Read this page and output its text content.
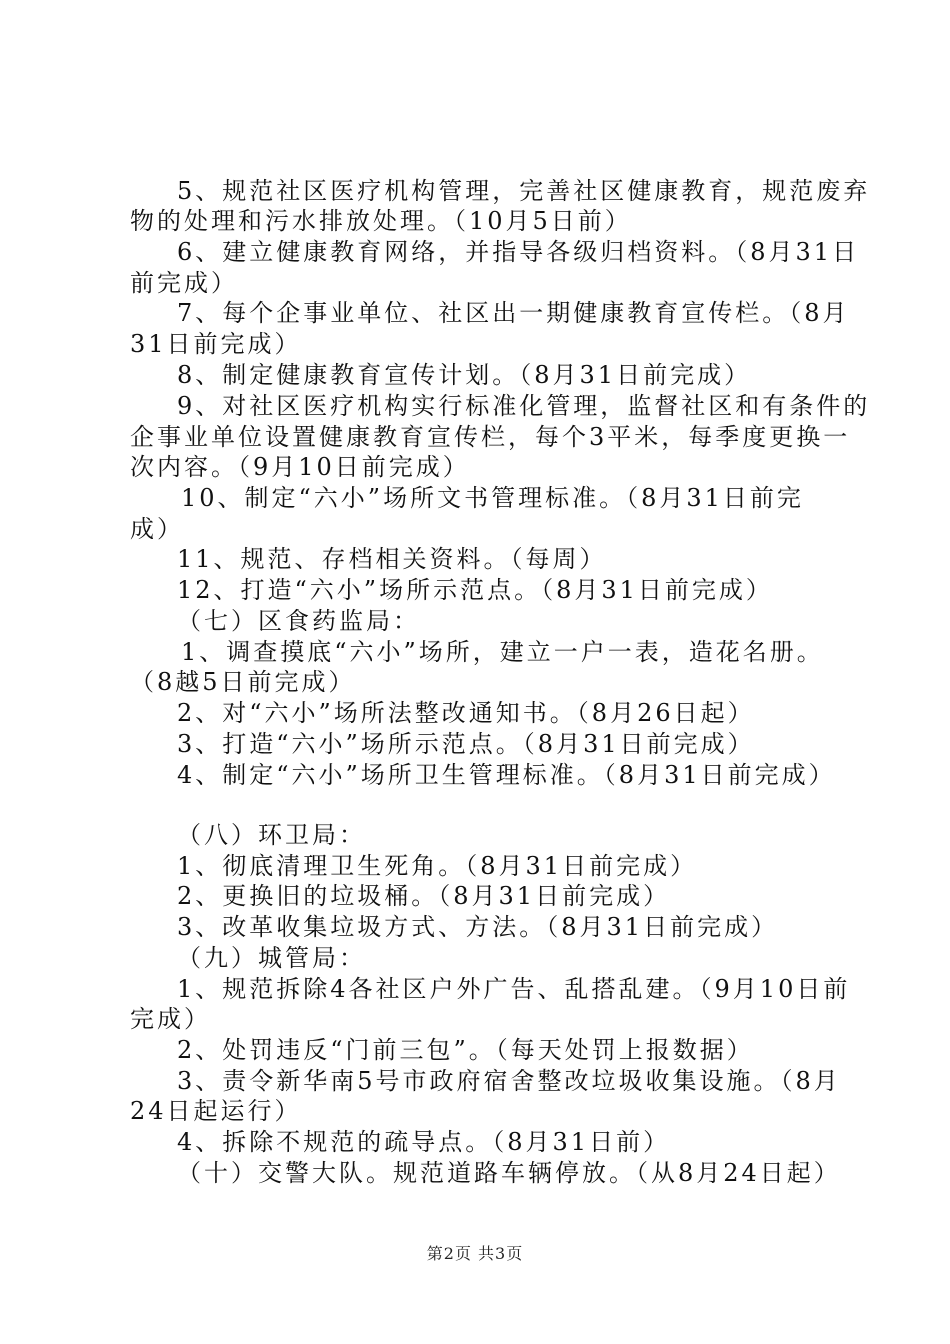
5、规范社区医疗机构管理，完善社区健康教育，规范废弃
物的处理和污水排放处理。（10月5日前）
6、建立健康教育网络，并指导各级归档资料。（8月31日
前完成）
7、每个企事业单位、社区出一期健康教育宣传栏。（8月
31日前完成）
8、制定健康教育宣传计划。（8月31日前完成）
9、对社区医疗机构实行标准化管理，监督社区和有条件的
企事业单位设置健康教育宣传栏，每个3平米，每季度更换一
次内容。（9月10日前完成）
10、制定“六小”场所文书管理标准。（8月31日前完
成）
11、规范、存档相关资料。（每周）
12、打造“六小”场所示范点。（8月31日前完成）
（七）区食药监局：
1、调查摸底“六小”场所，建立一户一表，造花名册。
（8越5日前完成）
2、对“六小”场所法整改通知书。（8月26日起）
3、打造“六小”场所示范点。（8月31日前完成）
4、制定“六小”场所卫生管理标准。（8月31日前完成）
（八）环卫局：
1、彻底清理卫生死角。（8月31日前完成）
2、更换旧的垃圾桶。（8月31日前完成）
3、改革收集垃圾方式、方法。（8月31日前完成）
（九）城管局：
1、规范拆除4各社区户外广告、乱搭乱建。（9月10日前
完成）
2、处罚违反“门前三包”。（每天处罚上报数据）
3、责令新华南5号市政府宿舍整改垃圾收集设施。（8月
24日起运行）
4、拆除不规范的疏导点。（8月31日前）
（十）交警大队。规范道路车辆停放。（从8月24日起）
第2页 共3页
